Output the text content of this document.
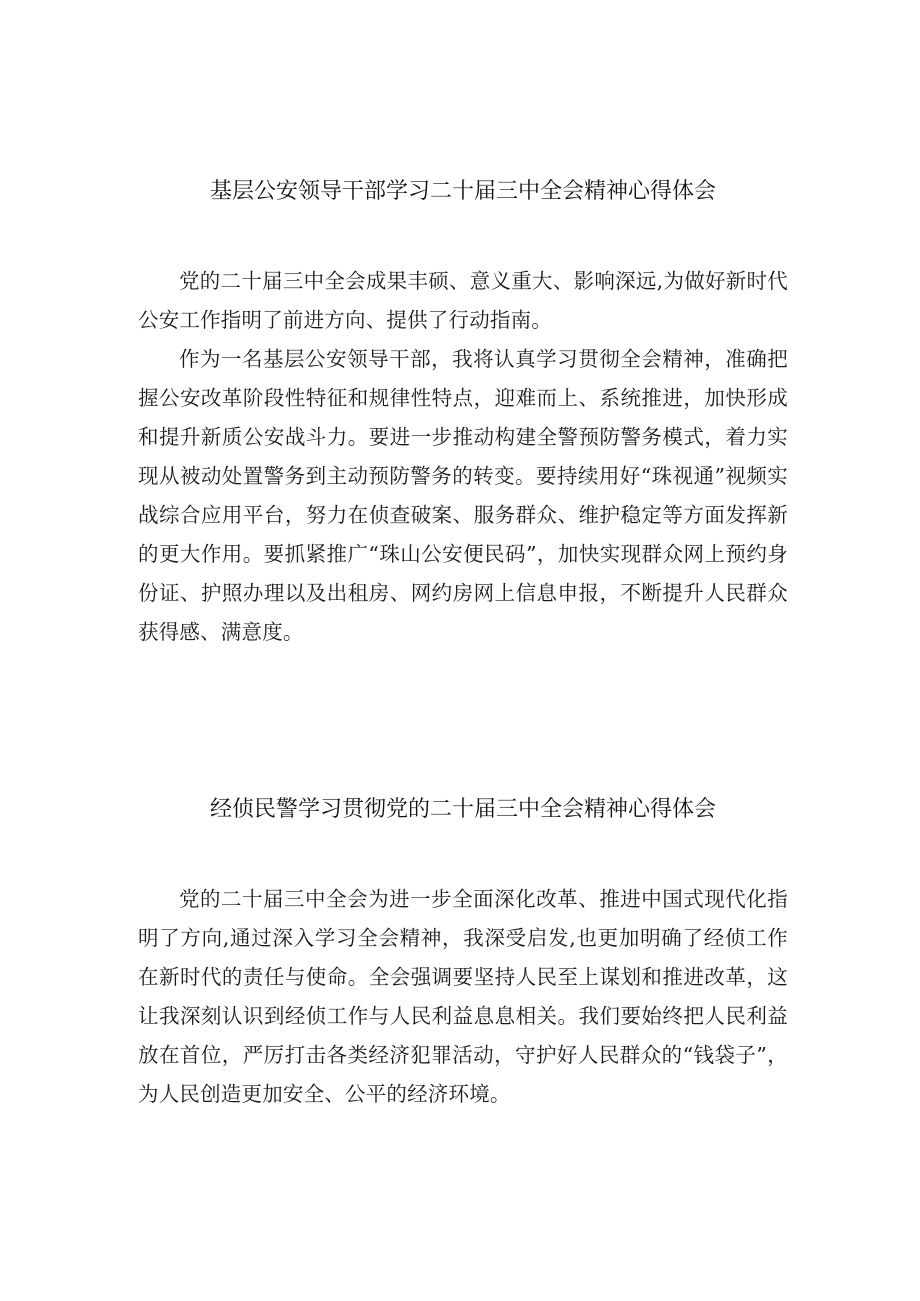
基层公安领导干部学习二十届三中全会精神心得体会

党的二十届三中全会成果丰硕、意义重大、影响深远,为做好新时代公安工作指明了前进方向、提供了行动指南。

作为一名基层公安领导干部，我将认真学习贯彻全会精神，准确把握公安改革阶段性特征和规律性特点，迎难而上、系统推进，加快形成和提升新质公安战斗力。要进一步推动构建全警预防警务模式，着力实现从被动处置警务到主动预防警务的转变。要持续用好“珠视通”视频实战综合应用平台，努力在侦查破案、服务群众、维护稳定等方面发挥新的更大作用。要抓紧推广“珠山公安便民码”，加快实现群众网上预约身份证、护照办理以及出租房、网约房网上信息申报，不断提升人民群众获得感、满意度。

经侦民警学习贯彻党的二十届三中全会精神心得体会

党的二十届三中全会为进一步全面深化改革、推进中国式现代化指明了方向,通过深入学习全会精神，我深受启发,也更加明确了经侦工作在新时代的责任与使命。全会强调要坚持人民至上谋划和推进改革，这让我深刻认识到经侦工作与人民利益息息相关。我们要始终把人民利益放在首位，严厉打击各类经济犯罪活动，守护好人民群众的“钱袋子”，为人民创造更加安全、公平的经济环境。
